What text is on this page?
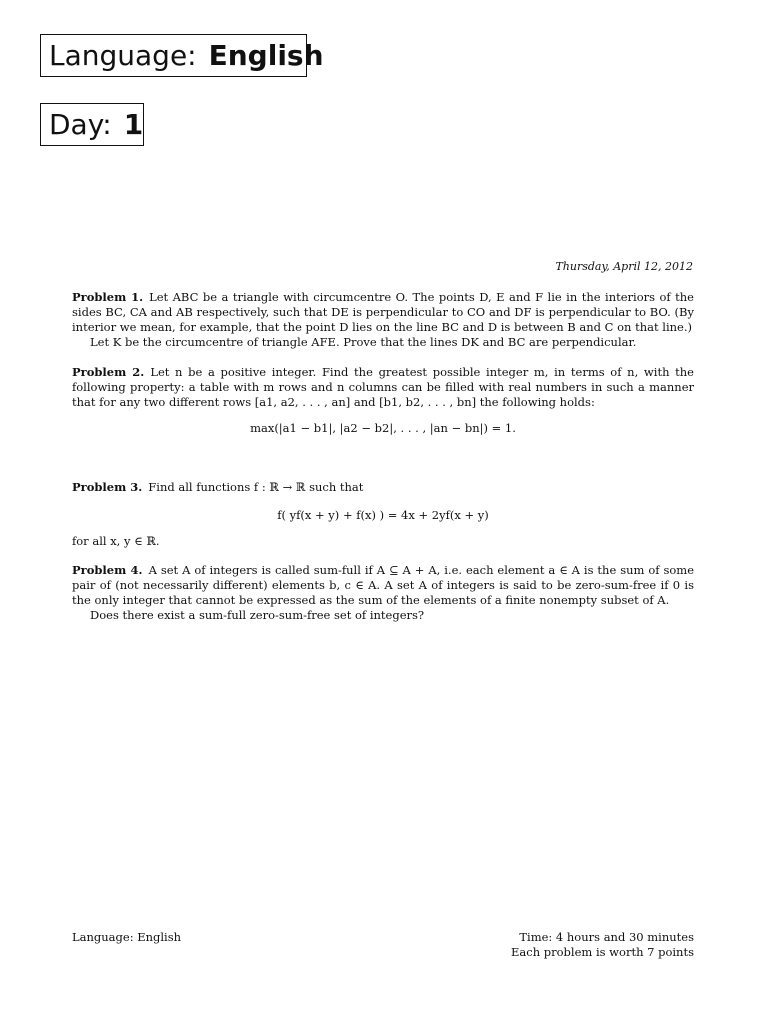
Language: English
Day: 1
Thursday, April 12, 2012
Problem 1. Let ABC be a triangle with circumcentre O. The points D, E and F lie in the interiors of the sides BC, CA and AB respectively, such that DE is perpendicular to CO and DF is perpendicular to BO. (By interior we mean, for example, that the point D lies on the line BC and D is between B and C on that line.)
Let K be the circumcentre of triangle AFE. Prove that the lines DK and BC are perpendicular.
Problem 2. Let n be a positive integer. Find the greatest possible integer m, in terms of n, with the following property: a table with m rows and n columns can be filled with real numbers in such a manner that for any two different rows [a1, a2, . . . , an] and [b1, b2, . . . , bn] the following holds:
max(|a1 − b1|, |a2 − b2|, . . . , |an − bn|) = 1.
Problem 3. Find all functions f : ℝ → ℝ such that
f( yf(x + y) + f(x) ) = 4x + 2yf(x + y)
for all x, y ∈ ℝ.
Problem 4. A set A of integers is called sum-full if A ⊆ A + A, i.e. each element a ∈ A is the sum of some pair of (not necessarily different) elements b, c ∈ A. A set A of integers is said to be zero-sum-free if 0 is the only integer that cannot be expressed as the sum of the elements of a finite nonempty subset of A.
Does there exist a sum-full zero-sum-free set of integers?
Language: English	Time: 4 hours and 30 minutes
Each problem is worth 7 points
